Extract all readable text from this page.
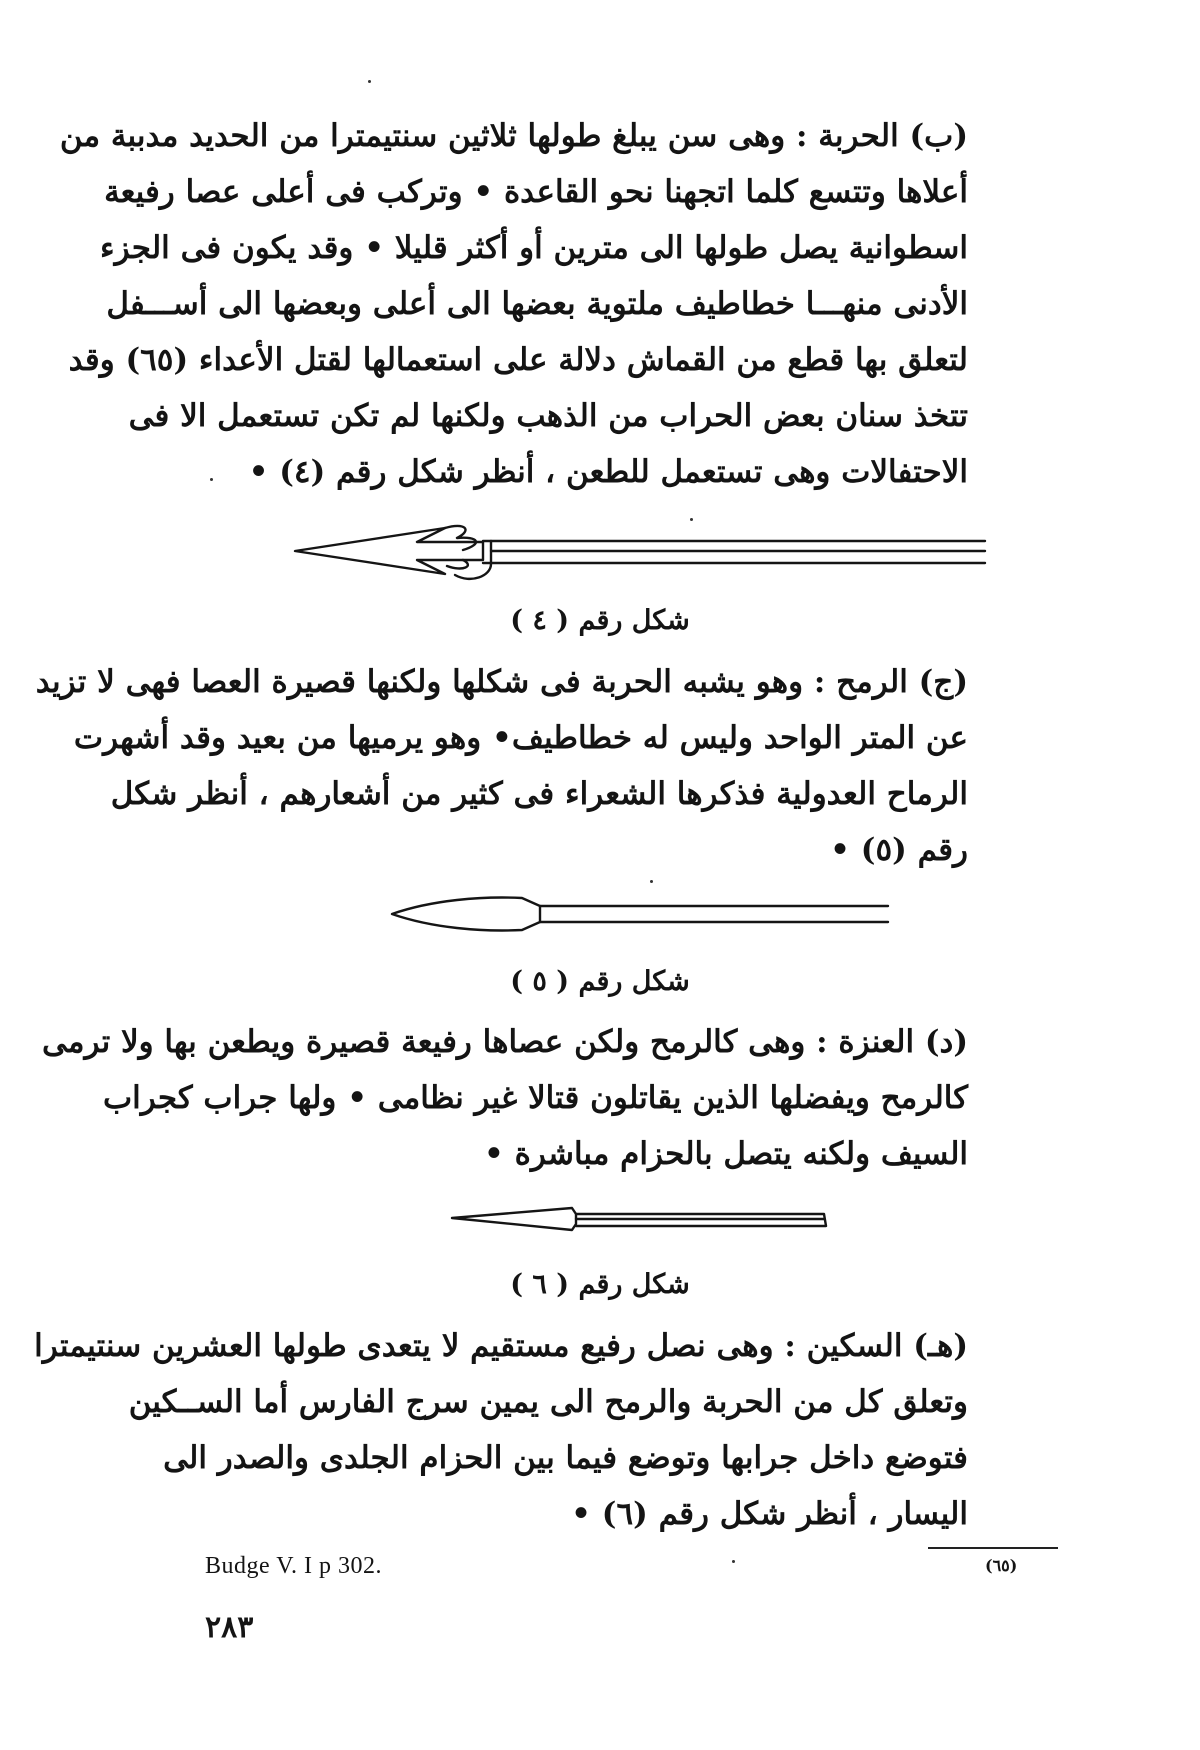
(ب) الحربة : وهى سن يبلغ طولها ثلاثين سنتيمترا من الحديد مدببة من
أعلاها وتتسع كلما اتجهنا نحو القاعدة • وتركب فى أعلى عصا رفيعة
اسطوانية يصل طولها الى مترين أو أكثر قليلا • وقد يكون فى الجزء
الأدنى منهـــا خطاطيف ملتوية بعضها الى أعلى وبعضها الى أســـفل
لتعلق بها قطع من القماش دلالة على استعمالها لقتل الأعداء (٦٥) وقد
تتخذ سنان بعض الحراب من الذهب ولكنها لم تكن تستعمل الا فى
الاحتفالات وهى تستعمل للطعن ، أنظر شكل رقم (٤) •
شكل رقم ( ٤ )
(ج) الرمح : وهو يشبه الحربة فى شكلها ولكنها قصيرة العصا فهى لا تزيد
عن المتر الواحد وليس له خطاطيف• وهو يرميها من بعيد وقد أشهرت
الرماح العدولية فذكرها الشعراء فى كثير من أشعارهم ، أنظر شكل
رقم (٥) •
شكل رقم ( ٥ )
(د) العنزة : وهى كالرمح ولكن عصاها رفيعة قصيرة ويطعن بها ولا ترمى
كالرمح ويفضلها الذين يقاتلون قتالا غير نظامى • ولها جراب كجراب
السيف ولكنه يتصل بالحزام مباشرة •
شكل رقم ( ٦ )
(هـ) السكين : وهى نصل رفيع مستقيم لا يتعدى طولها العشرين سنتيمترا
وتعلق كل من الحربة والرمح الى يمين سرج الفارس أما الســكين
فتوضع داخل جرابها وتوضع فيما بين الحزام الجلدى والصدر الى
اليسار ، أنظر شكل رقم (٦) •
Budge V. I p 302.	(٦٥)
٢٨٣
